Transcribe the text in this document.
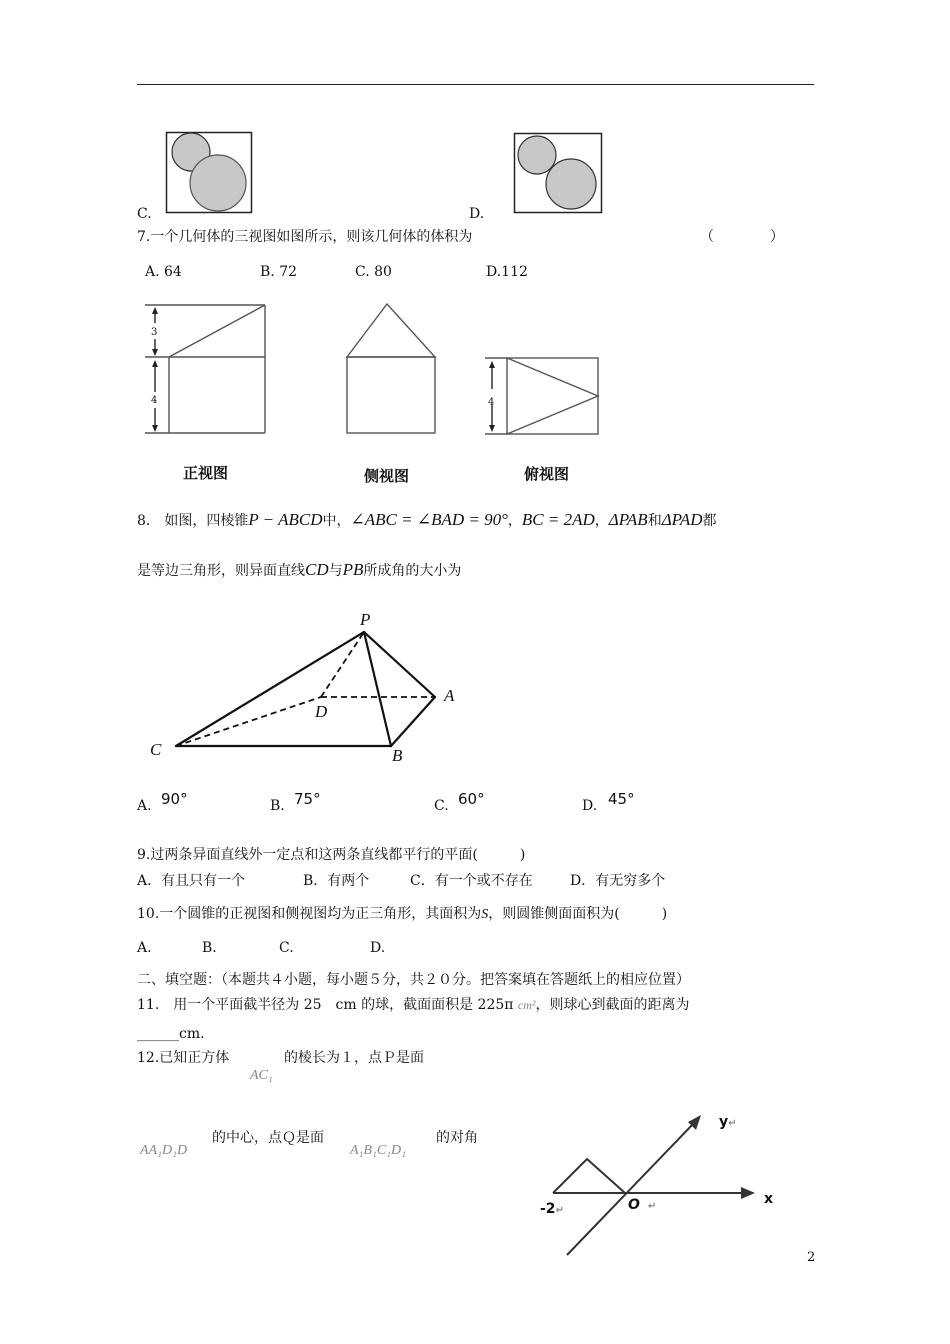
C.	D.
7.一个几何体的三视图如图所示，则该几何体的体积为	（　　　　）
A. 64	B. 72	C. 80	D.112
3
4	4
正视图	侧视图	俯视图
8.　如图，四棱锥P − ABCD中，∠ABC = ∠BAD = 90°，BC = 2AD，ΔPAB和ΔPAD都
是等边三角形，则异面直线CD与PB所成角的大小为
P
D
A
C	B
A. 90°	B. 75°	C. 60°	D. 45°
9.过两条异面直线外一定点和这两条直线都平行的平面(　　　)
A．有且只有一个	B．有两个	C．有一个或不存在	D．有无穷多个
10.一个圆锥的正视图和侧视图均为正三角形，其面积为S，则圆锥侧面面积为(　　　)
A.	B.	C.	D.
二、填空题：（本题共４小题，每小题５分，共２０分。把答案填在答题纸上的相应位置）
11.　用一个平面截半径为 25　cm 的球，截面面积是 225π cm²，则球心到截面的距离为
______cm.
12.已知正方体
AC₁
的棱长为１，点Ｐ是面
AA₁D₁D
的中心，点Ｑ是面
A₁B₁C₁D₁
的对角
y↵
x
O ↵
-2↵
2
